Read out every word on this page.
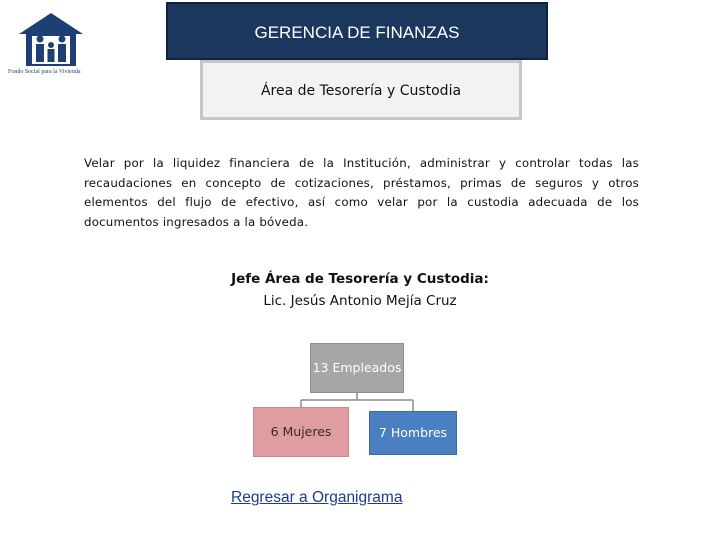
Fondo Social para la Vivienda
GERENCIA DE FINANZAS
Área de Tesorería y Custodia
Velar por la liquidez financiera de la Institución, administrar y controlar todas las recaudaciones en concepto de cotizaciones, préstamos, primas de seguros y otros elementos del flujo de efectivo, así como velar por la custodia adecuada de los documentos ingresados a la bóveda.
Jefe Área de Tesorería y Custodia:
Lic. Jesús Antonio Mejía Cruz
13 Empleados
6 Mujeres	7 Hombres
Regresar a Organigrama
